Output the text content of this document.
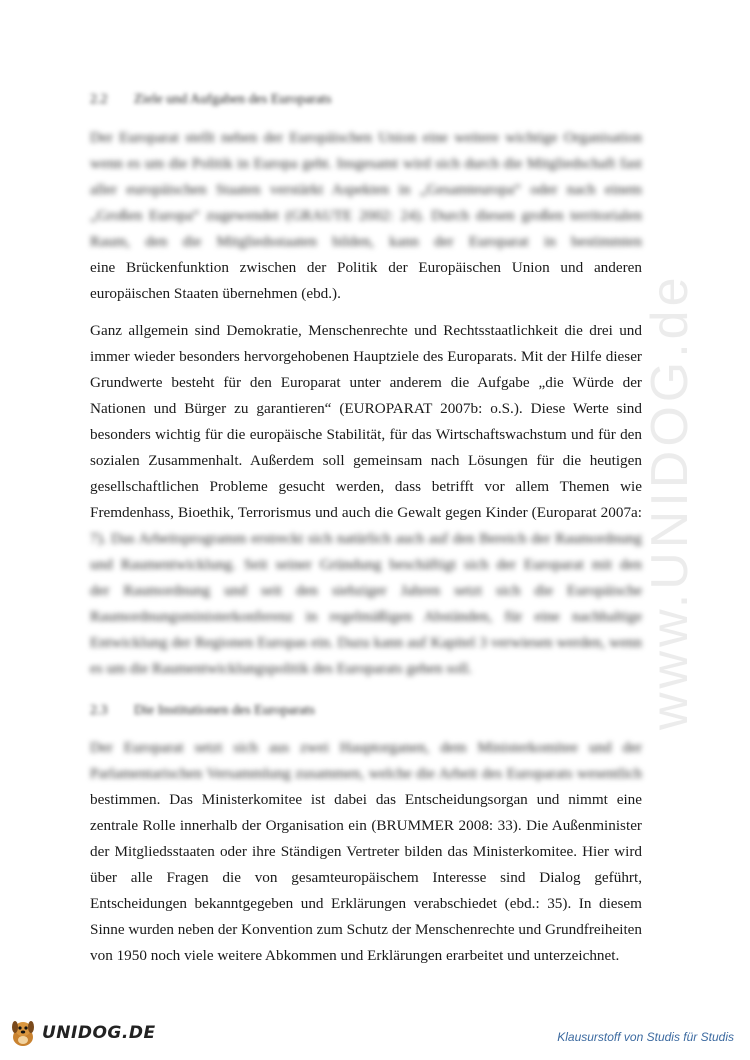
www.UNIDOG.de
2.2 Ziele und Aufgaben des Europarats

Der Europarat stellt neben der Europäischen Union eine weitere wichtige Organisation
wenn es um die Politik in Europa geht. Insgesamt wird sich durch die Mitgliedschaft fast
aller europäischen Staaten verstärkt Aspekten in „Gesamteuropa“ oder nach einem
„Großen Europa“ zugewendet (GRAUTE 2002: 24). Durch diesen großen territorialen
Raum, den die Mitgliedsstaaten bilden, kann der Europarat in bestimmten
eine Brückenfunktion zwischen der Politik der Europäischen Union und anderen
europäischen Staaten übernehmen (ebd.).

Ganz allgemein sind Demokratie, Menschenrechte und Rechtsstaatlichkeit die drei und
immer wieder besonders hervorgehobenen Hauptziele des Europarats. Mit der Hilfe dieser
Grundwerte besteht für den Europarat unter anderem die Aufgabe „die Würde der
Nationen und Bürger zu garantieren“ (EUROPARAT 2007b: o.S.). Diese Werte sind
besonders wichtig für die europäische Stabilität, für das Wirtschaftswachstum und für den
sozialen Zusammenhalt. Außerdem soll gemeinsam nach Lösungen für die heutigen
gesellschaftlichen Probleme gesucht werden, dass betrifft vor allem Themen wie
Fremdenhass, Bioethik, Terrorismus und auch die Gewalt gegen Kinder (Europarat 2007a:
7). Das Arbeitsprogramm erstreckt sich natürlich auch auf den Bereich der Raumordnung
und Raumentwicklung. Seit seiner Gründung beschäftigt sich der Europarat mit den
der Raumordnung und seit den siebziger Jahren setzt sich die Europäische
Raumordnungsministerkonferenz in regelmäßigen Abständen, für eine nachhaltige
Entwicklung der Regionen Europas ein. Dazu kann auf Kapitel 3 verwiesen werden, wenn
es um die Raumentwicklungspolitik des Europarats gehen soll.

2.3 Die Institutionen des Europarats

Der Europarat setzt sich aus zwei Hauptorganen, dem Ministerkomitee und der
Parlamentarischen Versammlung zusammen, welche die Arbeit des Europarats wesentlich
bestimmen. Das Ministerkomitee ist dabei das Entscheidungsorgan und nimmt eine
zentrale Rolle innerhalb der Organisation ein (BRUMMER 2008: 33). Die Außenminister
der Mitgliedsstaaten oder ihre Ständigen Vertreter bilden das Ministerkomitee. Hier wird
über alle Fragen die von gesamteuropäischem Interesse sind Dialog geführt,
Entscheidungen bekanntgegeben und Erklärungen verabschiedet (ebd.: 35). In diesem
Sinne wurden neben der Konvention zum Schutz der Menschenrechte und Grundfreiheiten
von 1950 noch viele weitere Abkommen und Erklärungen erarbeitet und unterzeichnet.

UNIDOG.DE	Klausurstoff von Studis für Studis
